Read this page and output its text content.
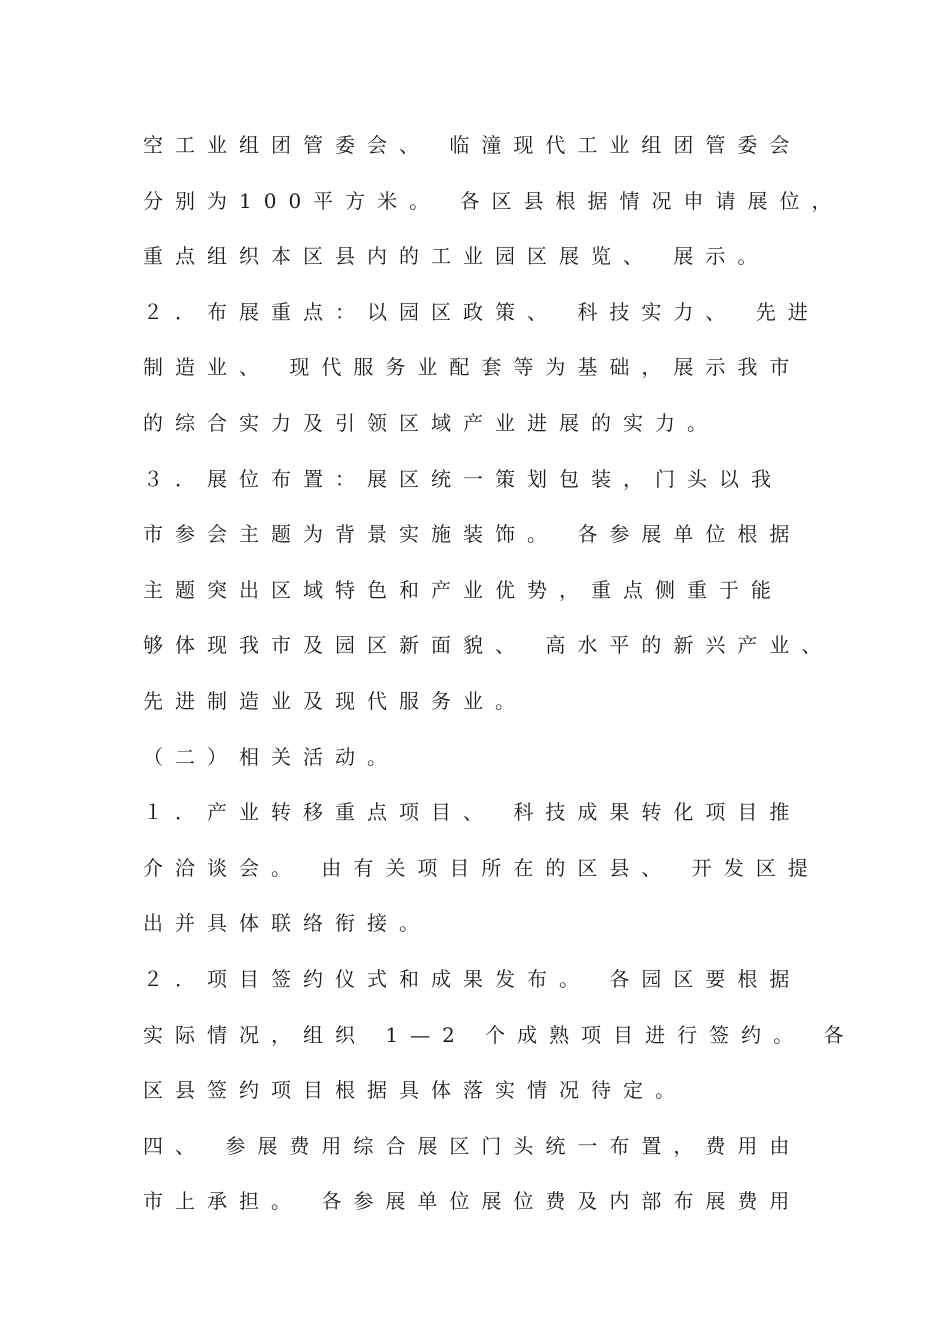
空工业组团管委会、 临潼现代工业组团管委会
分别为100平方米。 各区县根据情况申请展位，
重点组织本区县内的工业园区展览、 展示。
２．布展重点：以园区政策、 科技实力、 先进
制造业、 现代服务业配套等为基础，展示我市
的综合实力及引领区域产业进展的实力。
３．展位布置：展区统一策划包装，门头以我
市参会主题为背景实施装饰。 各参展单位根据
主题突出区域特色和产业优势，重点侧重于能
够体现我市及园区新面貌、 高水平的新兴产业、
先进制造业及现代服务业。
（二）相关活动。
１．产业转移重点项目、 科技成果转化项目推
介洽谈会。 由有关项目所在的区县、 开发区提
出并具体联络衔接。
２．项目签约仪式和成果发布。 各园区要根据
实际情况，组织 1—2 个成熟项目进行签约。 各
区县签约项目根据具体落实情况待定。
四、 参展费用综合展区门头统一布置，费用由
市上承担。 各参展单位展位费及内部布展费用
